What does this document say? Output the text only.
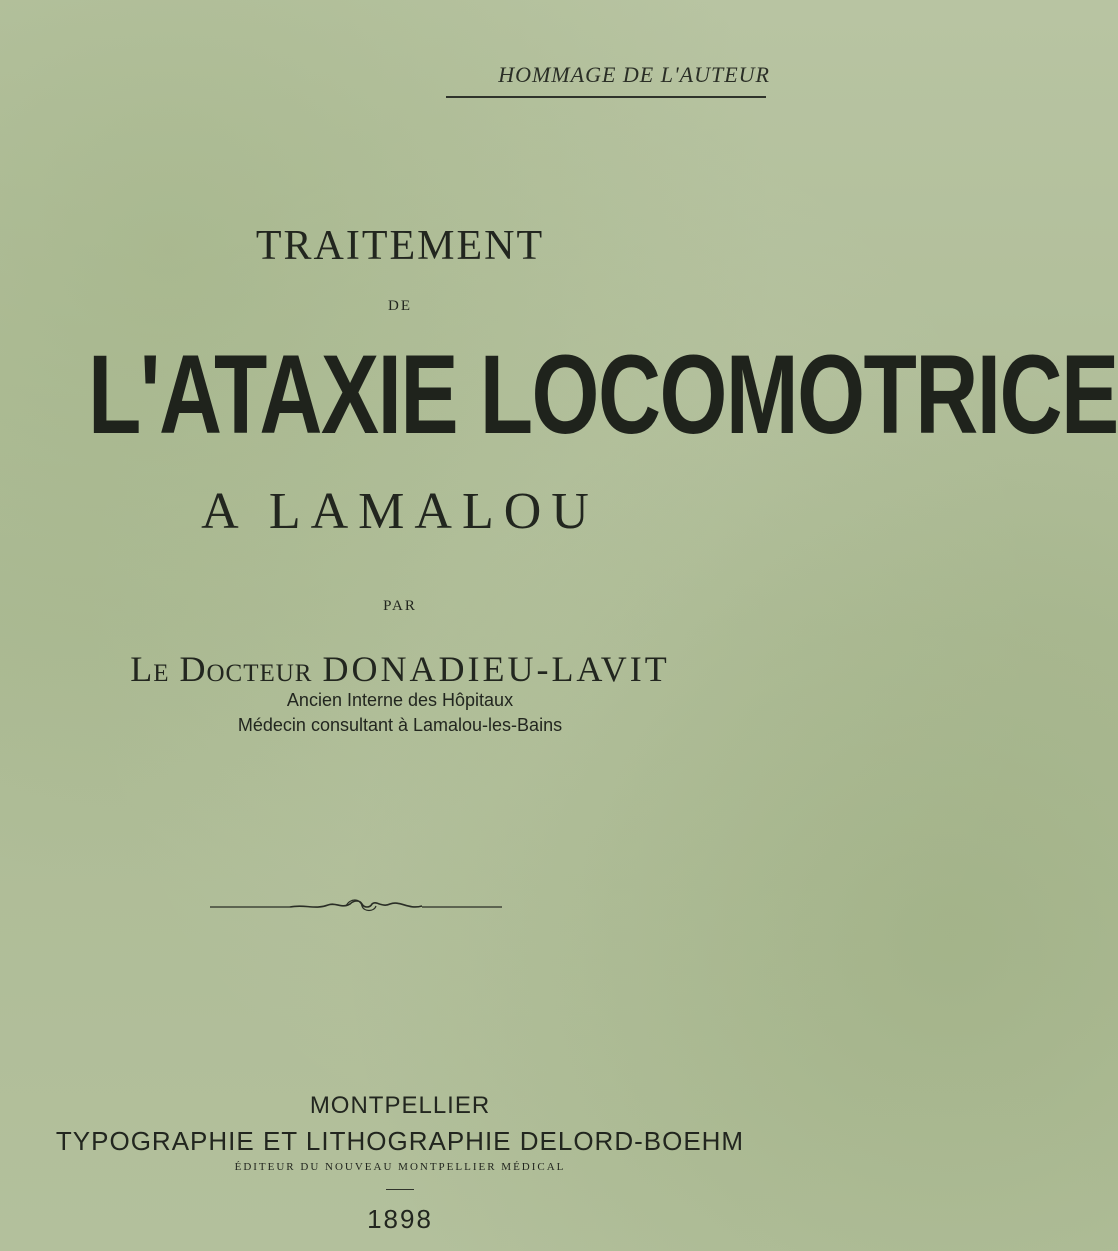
HOMMAGE DE L'AUTEUR
TRAITEMENT
DE
L'ATAXIE LOCOMOTRICE
A LAMALOU
PAR
Le Docteur DONADIEU-LAVIT
Ancien Interne des Hôpitaux
Médecin consultant à Lamalou-les-Bains
MONTPELLIER
TYPOGRAPHIE ET LITHOGRAPHIE DELORD-BOEHM
ÉDITEUR DU NOUVEAU MONTPELLIER MÉDICAL
1898
